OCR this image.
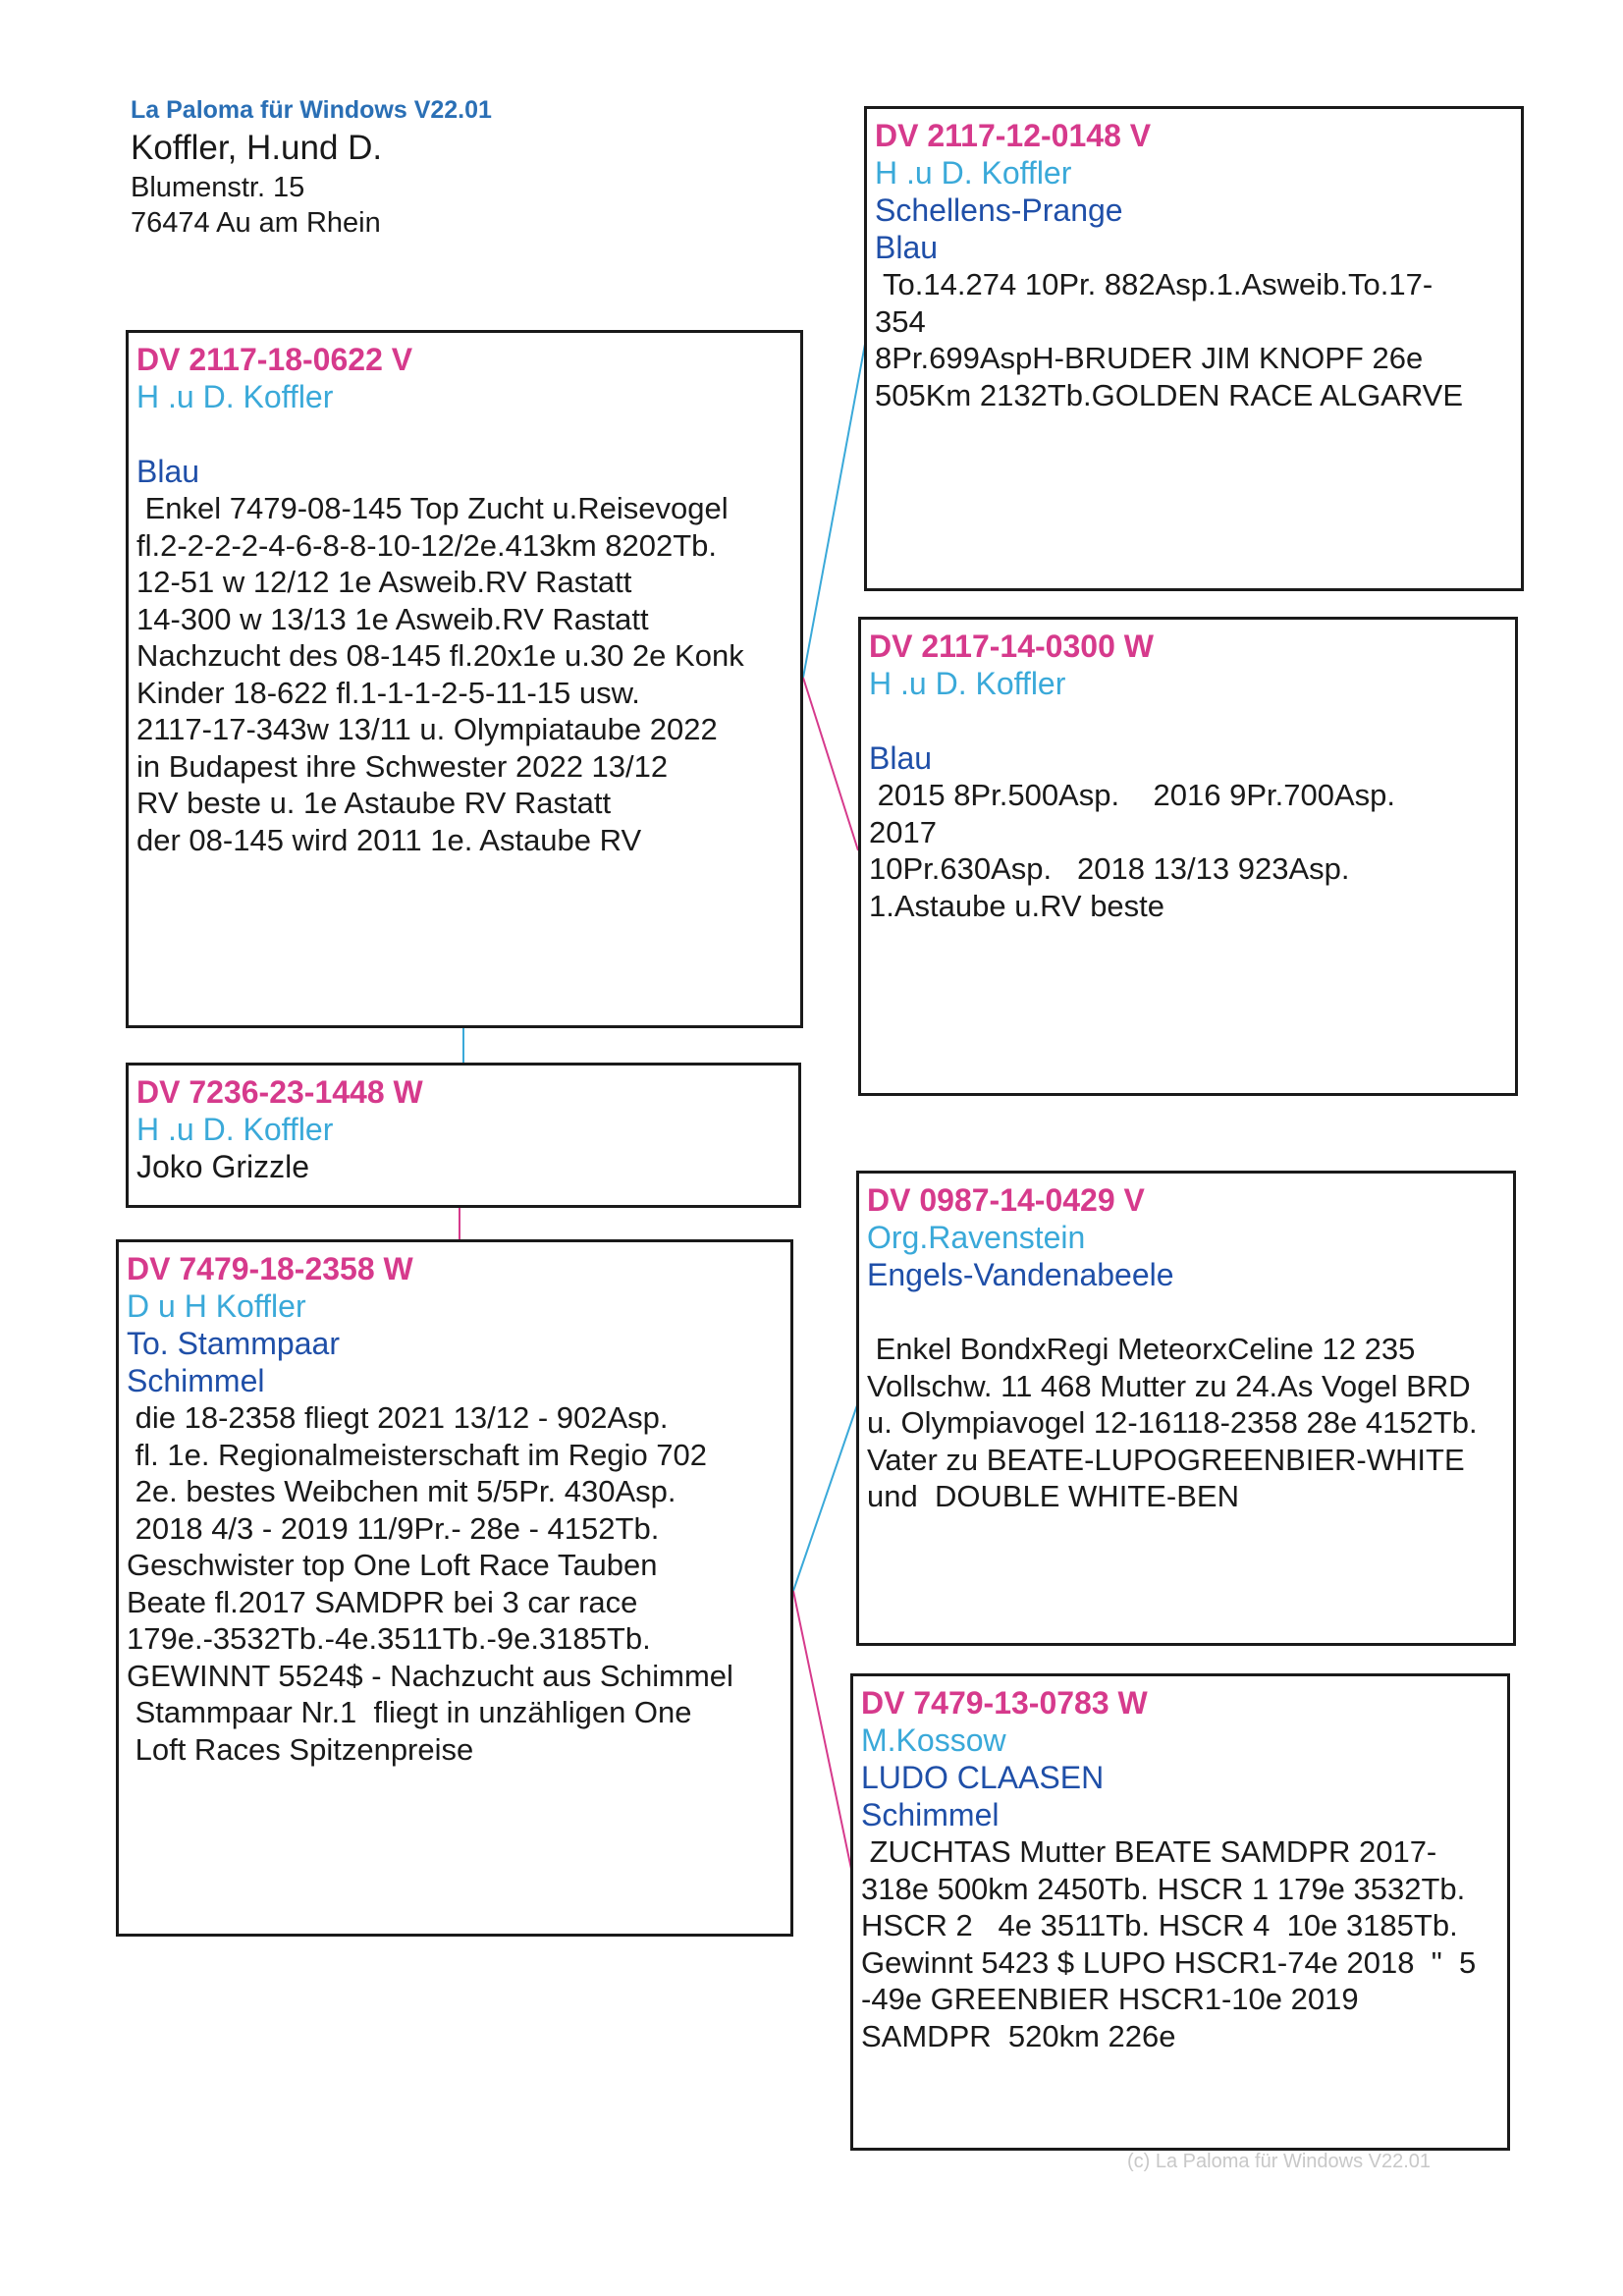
La Paloma für Windows V22.01
Koffler, H.und D.
Blumenstr. 15
76474 Au am Rhein
DV 2117-18-0622 V
H .u D. Koffler
Blau
Enkel 7479-08-145 Top Zucht u.Reisevogel
fl.2-2-2-2-4-6-8-8-10-12/2e.413km 8202Tb.
12-51 w 12/12 1e Asweib.RV Rastatt
14-300 w 13/13 1e Asweib.RV Rastatt
Nachzucht des 08-145 fl.20x1e u.30 2e Konk
Kinder 18-622 fl.1-1-1-2-5-11-15 usw.
2117-17-343w 13/11 u. Olympiataube 2022
in Budapest ihre Schwester 2022 13/12
RV beste u. 1e Astaube RV Rastatt
der 08-145 wird 2011 1e. Astaube RV
DV 7236-23-1448 W
H .u D. Koffler
Joko Grizzle
DV 7479-18-2358 W
D u H Koffler
To. Stammpaar
Schimmel
die 18-2358 fliegt 2021 13/12 - 902Asp.
fl. 1e. Regionalmeisterschaft im Regio 702
2e. bestes Weibchen mit 5/5Pr. 430Asp.
2018 4/3 - 2019 11/9Pr.- 28e - 4152Tb.
Geschwister top One Loft Race Tauben
Beate fl.2017 SAMDPR bei 3 car race
179e.-3532Tb.-4e.3511Tb.-9e.3185Tb.
GEWINNT 5524$ - Nachzucht aus Schimmel
Stammpaar Nr.1  fliegt in unzähligen One
Loft Races Spitzenpreise
DV 2117-12-0148 V
H .u D. Koffler
Schellens-Prange
Blau
To.14.274 10Pr. 882Asp.1.Asweib.To.17-
354
8Pr.699AspH-BRUDER JIM KNOPF 26e
505Km 2132Tb.GOLDEN RACE ALGARVE
DV 2117-14-0300 W
H .u D. Koffler
Blau
2015 8Pr.500Asp.    2016 9Pr.700Asp.
2017
10Pr.630Asp.   2018 13/13 923Asp.
1.Astaube u.RV beste
DV 0987-14-0429 V
Org.Ravenstein
Engels-Vandenabeele
Enkel BondxRegi MeteorxCeline 12 235
Vollschw. 11 468 Mutter zu 24.As Vogel BRD
u. Olympiavogel 12-16118-2358 28e 4152Tb.
Vater zu BEATE-LUPOGREENBIER-WHITE
und  DOUBLE WHITE-BEN
DV 7479-13-0783 W
M.Kossow
LUDO CLAASEN
Schimmel
ZUCHTAS Mutter BEATE SAMDPR 2017-
318e 500km 2450Tb. HSCR 1 179e 3532Tb.
HSCR 2   4e 3511Tb. HSCR 4  10e 3185Tb.
Gewinnt 5423 $ LUPO HSCR1-74e 2018  "  5
-49e GREENBIER HSCR1-10e 2019
SAMDPR  520km 226e
(c) La Paloma für Windows V22.01
